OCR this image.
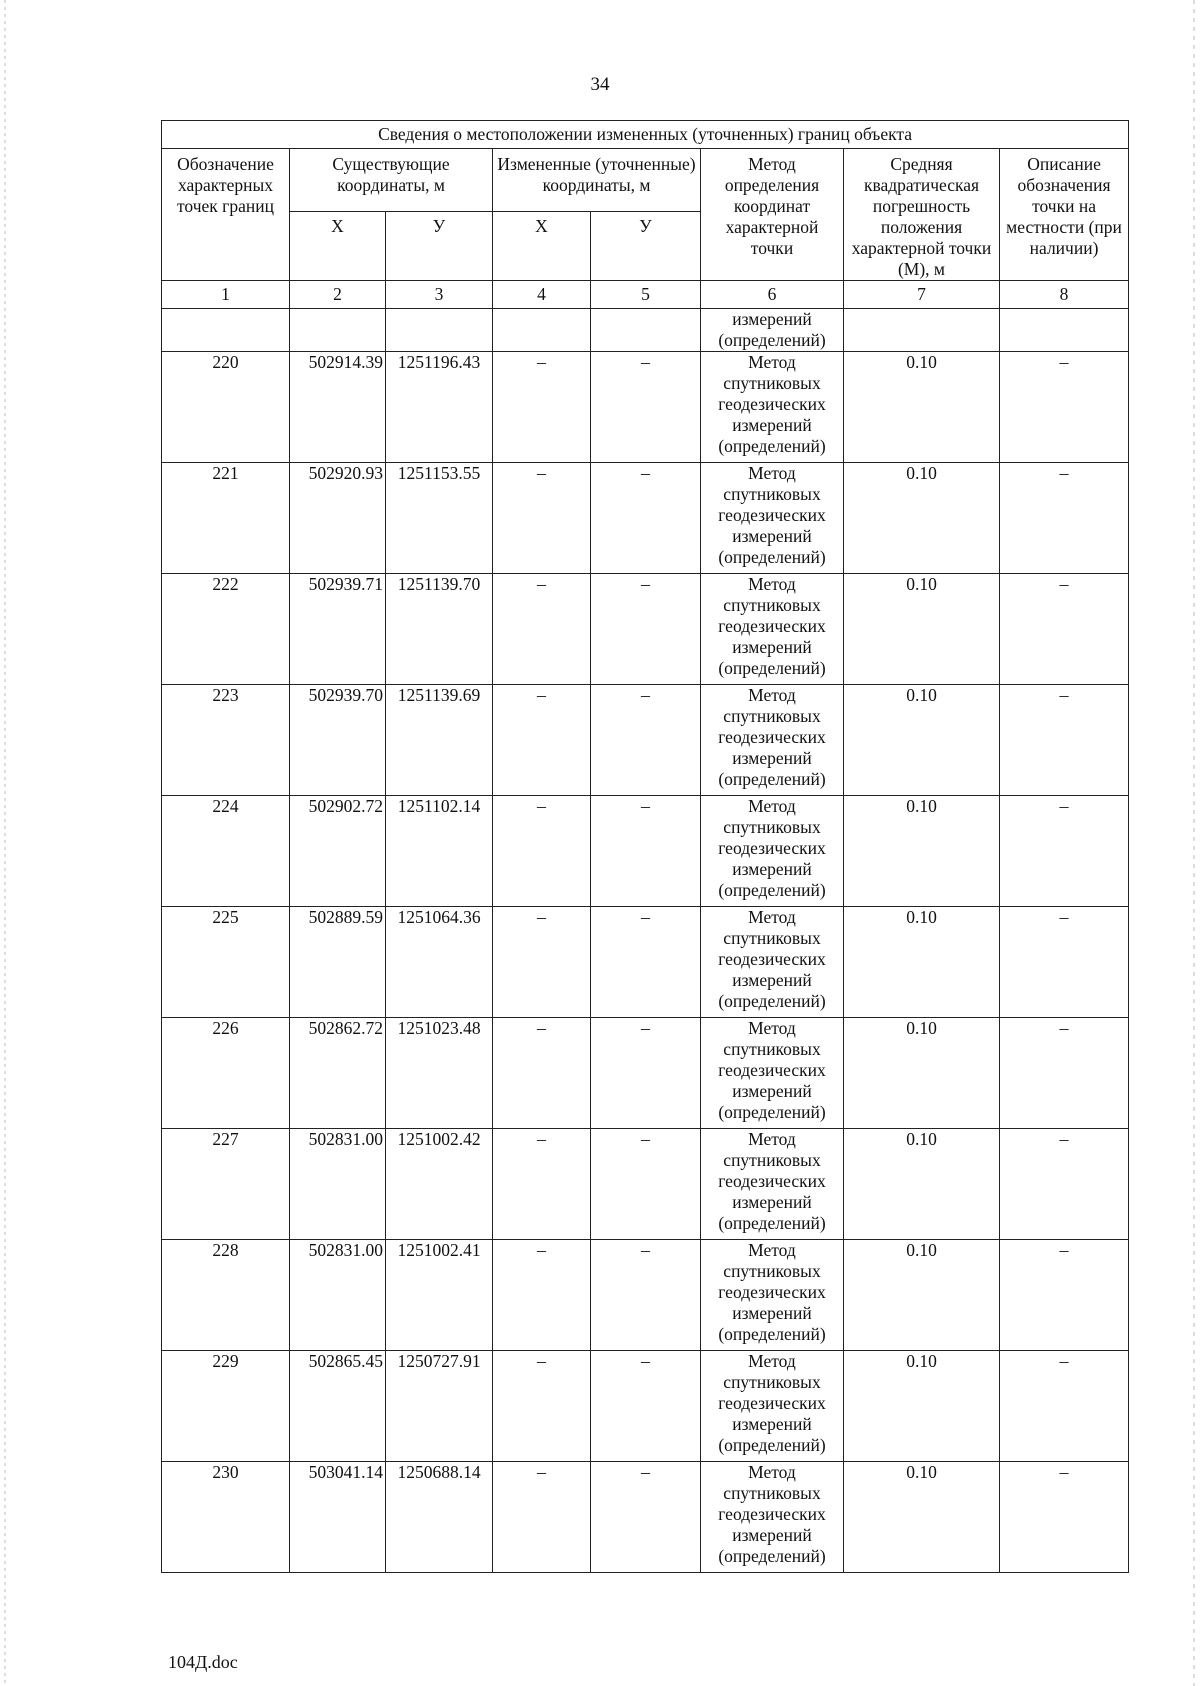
34
Сведения о местоположении измененных (уточненных) границ объекта							
Обозначение характерных точек границ	Существующие координаты, м		Измененные (уточненные) координаты, м		Метод определения координат характерной точки	Средняя квадратическая погрешность положения характерной точки (М), м	Описание обозначения точки на местности (при наличии)
	Х	У	Х	У			
1	2	3	4	5	6	7	8
					измерений (определений)		
220	502914.39	1251196.43	–	–	Метод спутниковых геодезических измерений (определений)	0.10	–
221	502920.93	1251153.55	–	–	Метод спутниковых геодезических измерений (определений)	0.10	–
222	502939.71	1251139.70	–	–	Метод спутниковых геодезических измерений (определений)	0.10	–
223	502939.70	1251139.69	–	–	Метод спутниковых геодезических измерений (определений)	0.10	–
224	502902.72	1251102.14	–	–	Метод спутниковых геодезических измерений (определений)	0.10	–
225	502889.59	1251064.36	–	–	Метод спутниковых геодезических измерений (определений)	0.10	–
226	502862.72	1251023.48	–	–	Метод спутниковых геодезических измерений (определений)	0.10	–
227	502831.00	1251002.42	–	–	Метод спутниковых геодезических измерений (определений)	0.10	–
228	502831.00	1251002.41	–	–	Метод спутниковых геодезических измерений (определений)	0.10	–
229	502865.45	1250727.91	–	–	Метод спутниковых геодезических измерений (определений)	0.10	–
230	503041.14	1250688.14	–	–	Метод спутниковых геодезических измерений (определений)	0.10	–
104Д.doc
